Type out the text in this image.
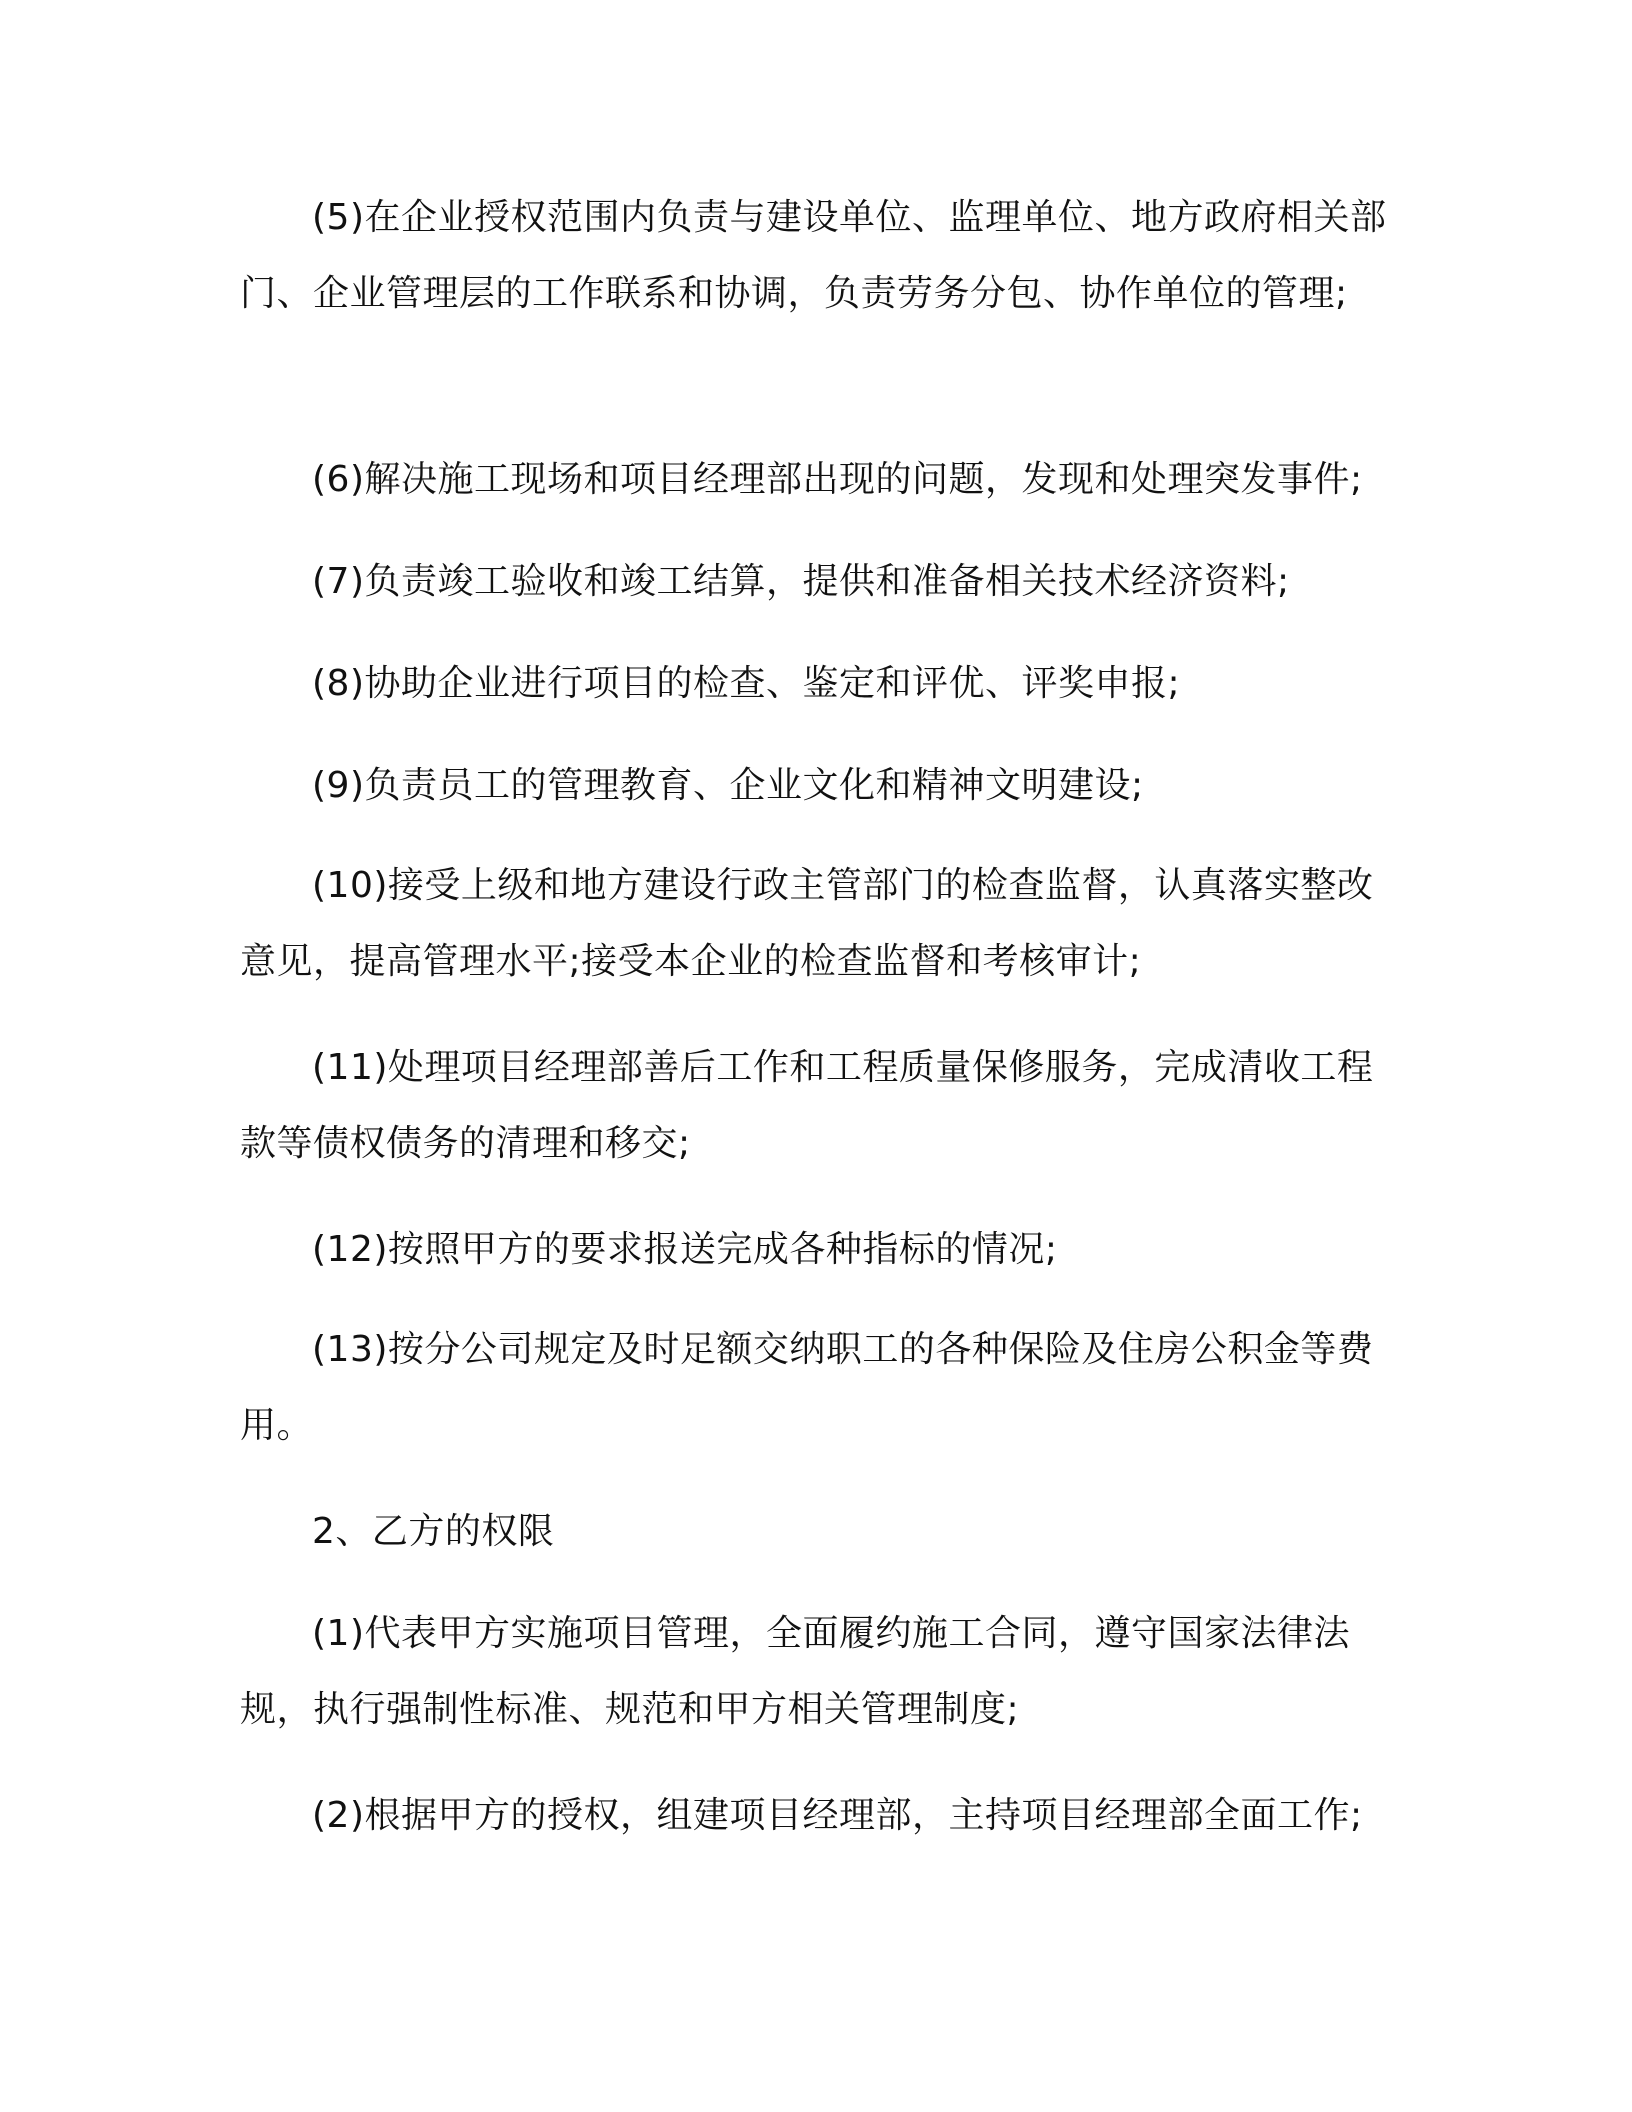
(5)在企业授权范围内负责与建设单位、监理单位、地方政府相关部门、企业管理层的工作联系和协调，负责劳务分包、协作单位的管理;

(6)解决施工现场和项目经理部出现的问题，发现和处理突发事件;

(7)负责竣工验收和竣工结算，提供和准备相关技术经济资料;

(8)协助企业进行项目的检查、鉴定和评优、评奖申报;

(9)负责员工的管理教育、企业文化和精神文明建设;

(10)接受上级和地方建设行政主管部门的检查监督，认真落实整改意见，提高管理水平;接受本企业的检查监督和考核审计;

(11)处理项目经理部善后工作和工程质量保修服务，完成清收工程款等债权债务的清理和移交;

(12)按照甲方的要求报送完成各种指标的情况;

(13)按分公司规定及时足额交纳职工的各种保险及住房公积金等费用。

2、乙方的权限

(1)代表甲方实施项目管理，全面履约施工合同，遵守国家法律法规，执行强制性标准、规范和甲方相关管理制度;

(2)根据甲方的授权，组建项目经理部，主持项目经理部全面工作;
